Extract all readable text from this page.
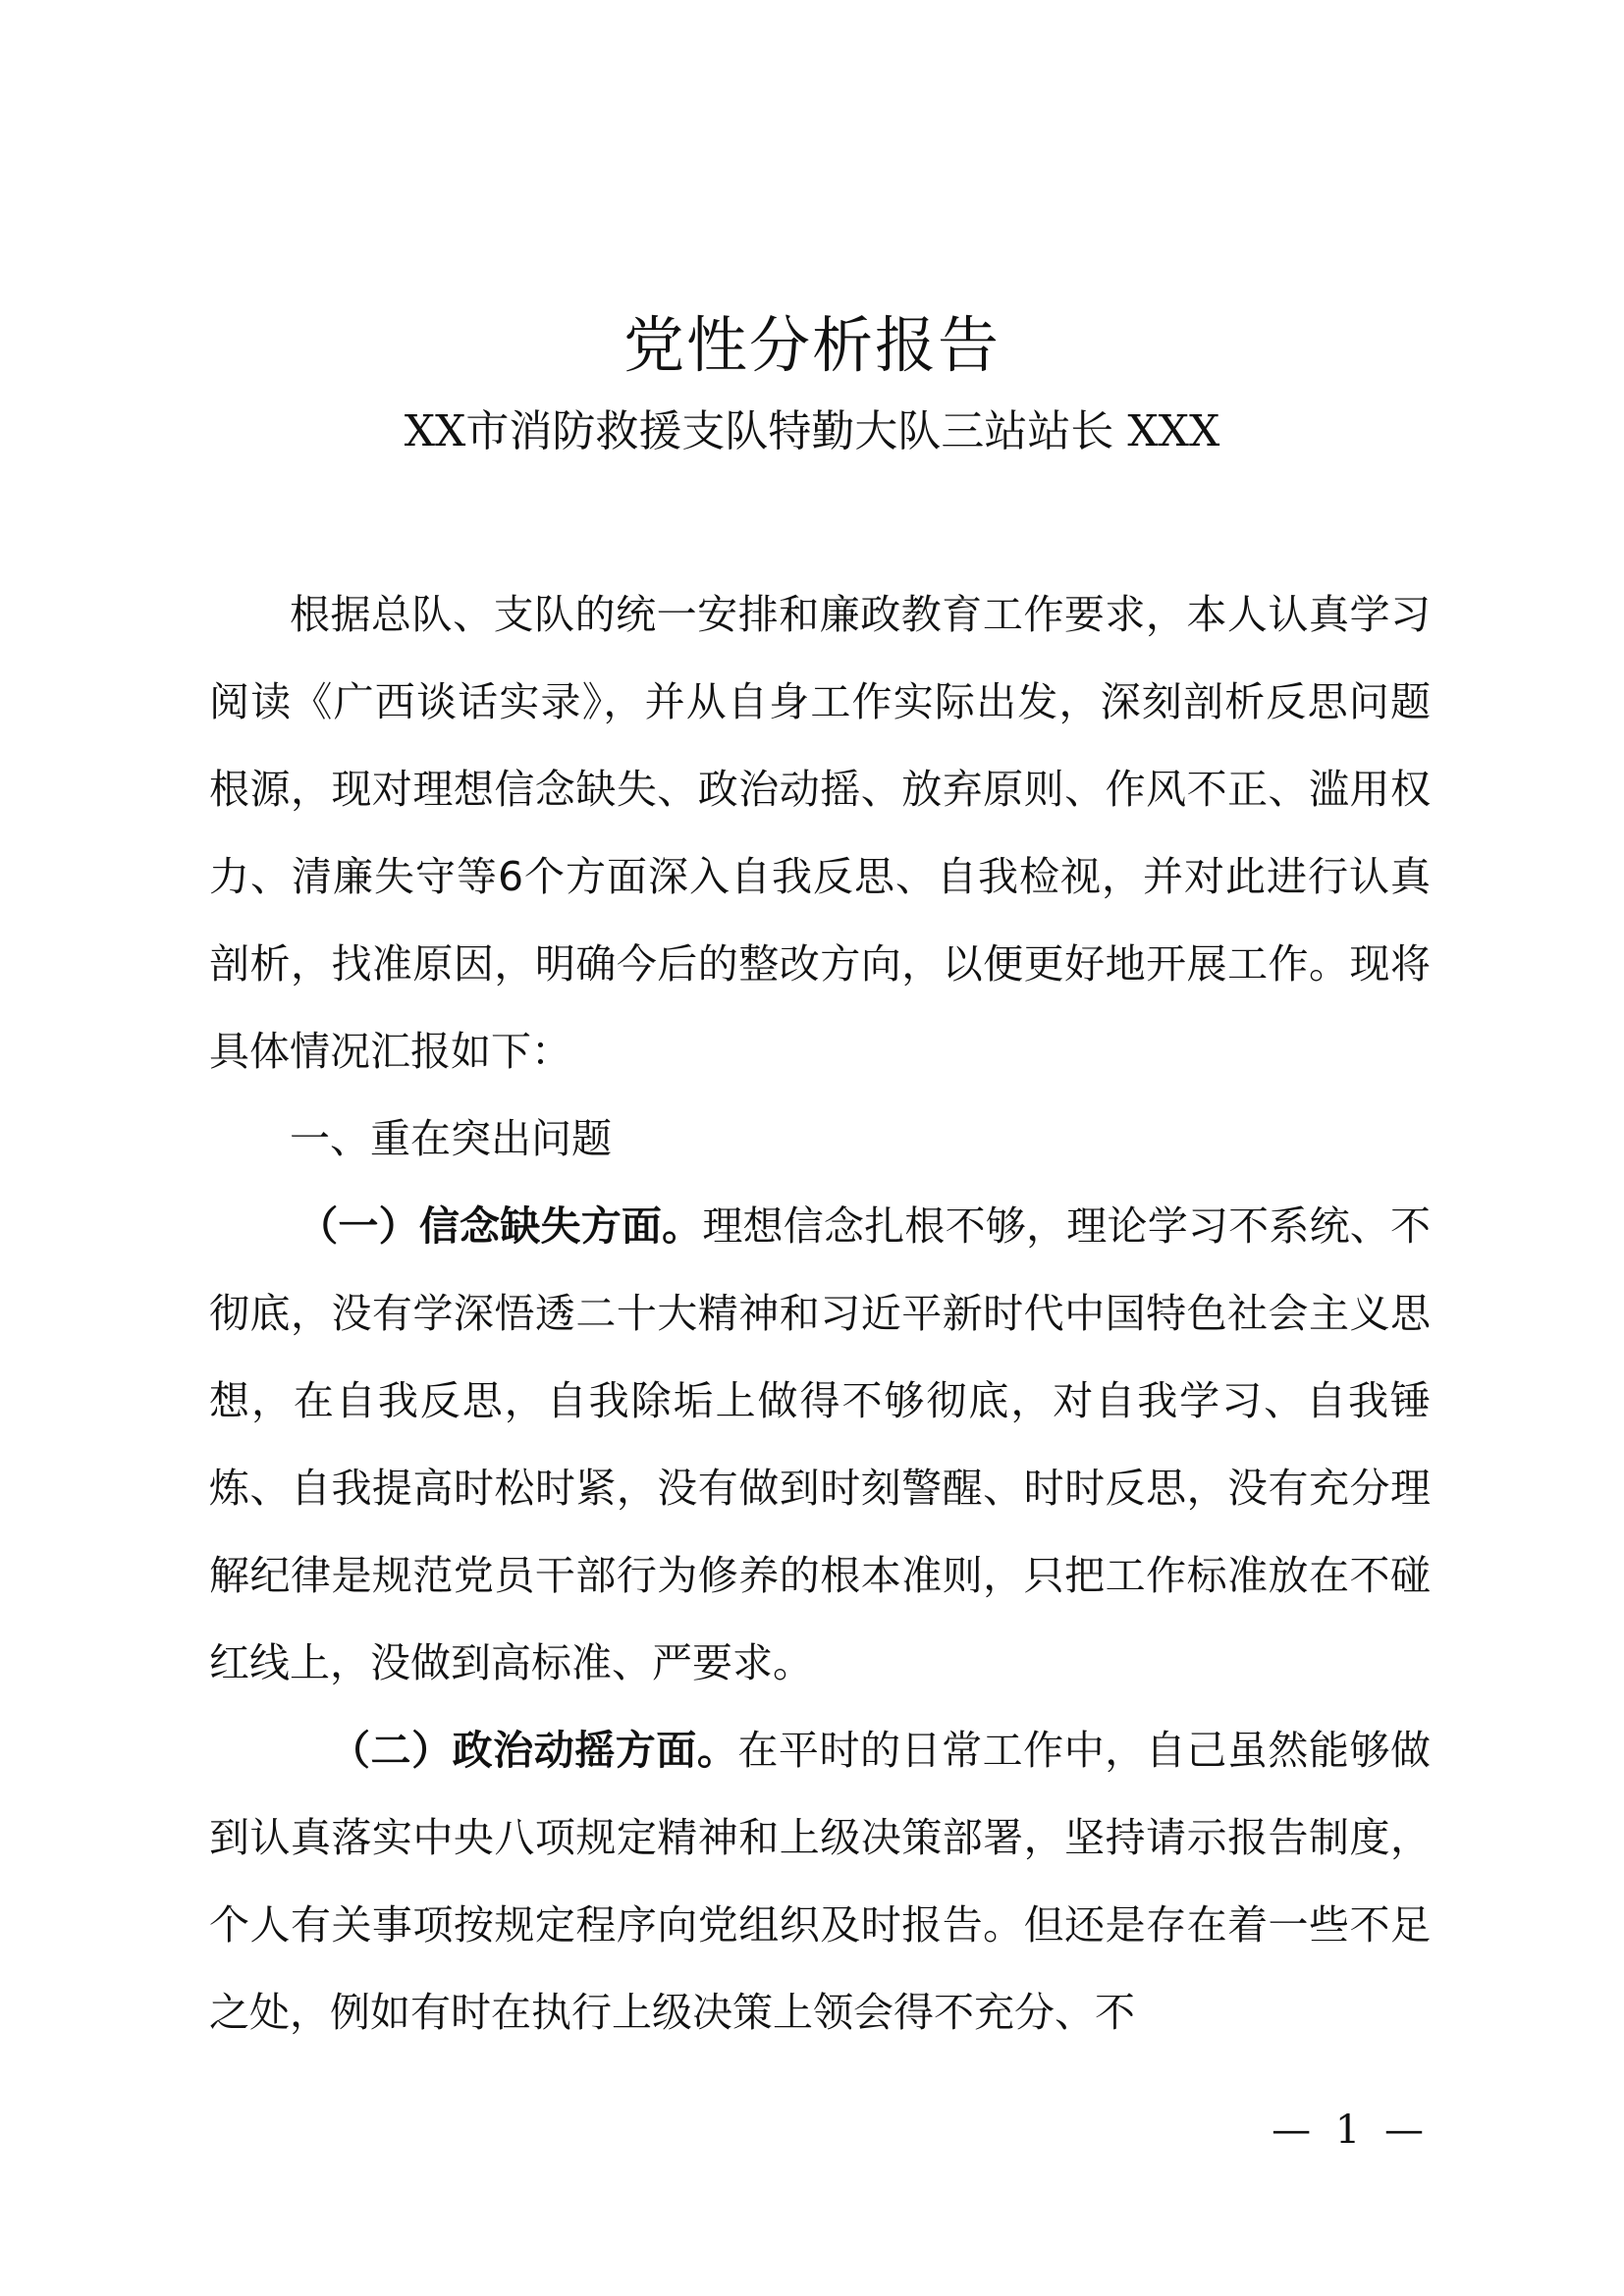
党性分析报告
XX市消防救援支队特勤大队三站站长 XXX

根据总队、支队的统一安排和廉政教育工作要求，本人认真学习阅读《广西谈话实录》，并从自身工作实际出发，深刻剖析反思问题根源，现对理想信念缺失、政治动摇、放弃原则、作风不正、滥用权力、清廉失守等6个方面深入自我反思、自我检视，并对此进行认真剖析，找准原因，明确今后的整改方向，以便更好地开展工作。现将具体情况汇报如下：

一、重在突出问题

（一）信念缺失方面。理想信念扎根不够，理论学习不系统、不彻底，没有学深悟透二十大精神和习近平新时代中国特色社会主义思想，在自我反思，自我除垢上做得不够彻底，对自我学习、自我锤炼、自我提高时松时紧，没有做到时刻警醒、时时反思，没有充分理解纪律是规范党员干部行为修养的根本准则，只把工作标准放在不碰红线上，没做到高标准、严要求。

（二）政治动摇方面。在平时的日常工作中，自己虽然能够做到认真落实中央八项规定精神和上级决策部署，坚持请示报告制度，个人有关事项按规定程序向党组织及时报告。但还是存在着一些不足之处，例如有时在执行上级决策上领会得不充分、不

— 1 —
